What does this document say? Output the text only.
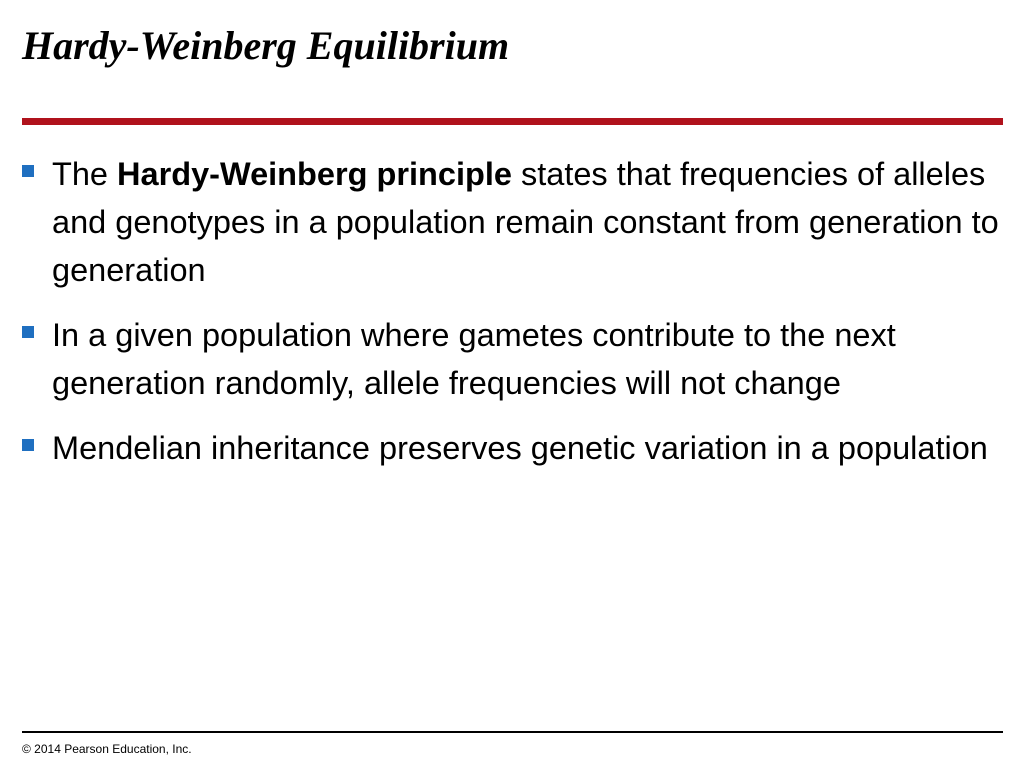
Hardy-Weinberg Equilibrium
The Hardy-Weinberg principle states that frequencies of alleles and genotypes in a population remain constant from generation to generation
In a given population where gametes contribute to the next generation randomly, allele frequencies will not change
Mendelian inheritance preserves genetic variation in a population
© 2014 Pearson Education, Inc.
